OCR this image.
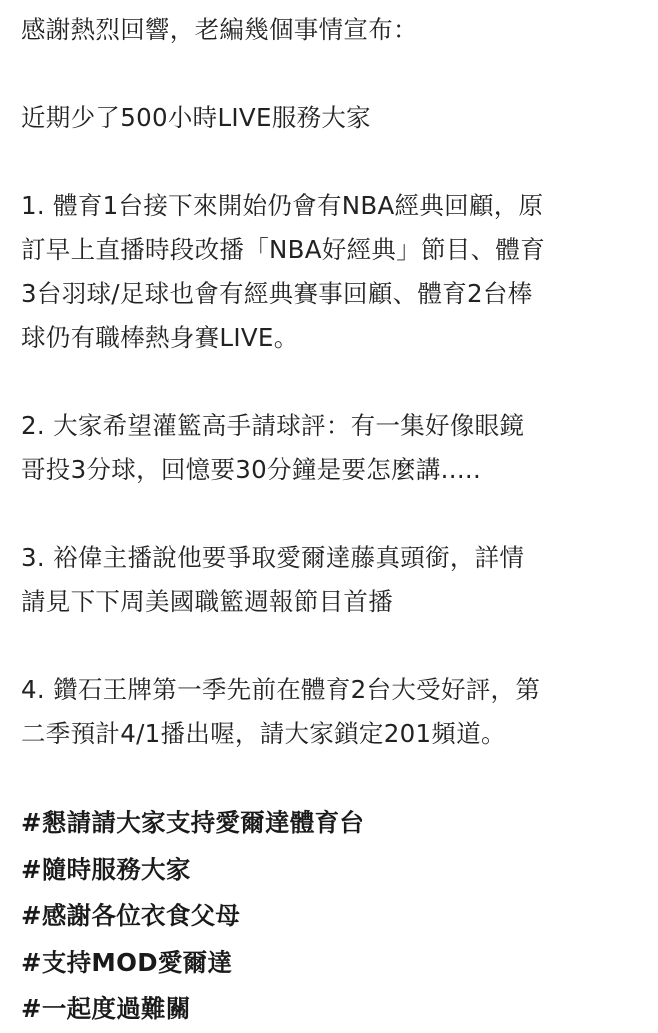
感謝熱烈回響，老編幾個事情宣布：
近期少了500小時LIVE服務大家
1. 體育1台接下來開始仍會有NBA經典回顧，原
訂早上直播時段改播「NBA好經典」節目、體育
3台羽球/足球也會有經典賽事回顧、體育2台棒
球仍有職棒熱身賽LIVE。
2. 大家希望灌籃高手請球評：有一集好像眼鏡
哥投3分球，回憶要30分鐘是要怎麼講.....
3. 裕偉主播說他要爭取愛爾達藤真頭銜，詳情
請見下下周美國職籃週報節目首播
4. 鑽石王牌第一季先前在體育2台大受好評，第
二季預計4/1播出喔，請大家鎖定201頻道。
#懇請請大家支持愛爾達體育台
#隨時服務大家
#感謝各位衣食父母
#支持MOD愛爾達
#一起度過難關
